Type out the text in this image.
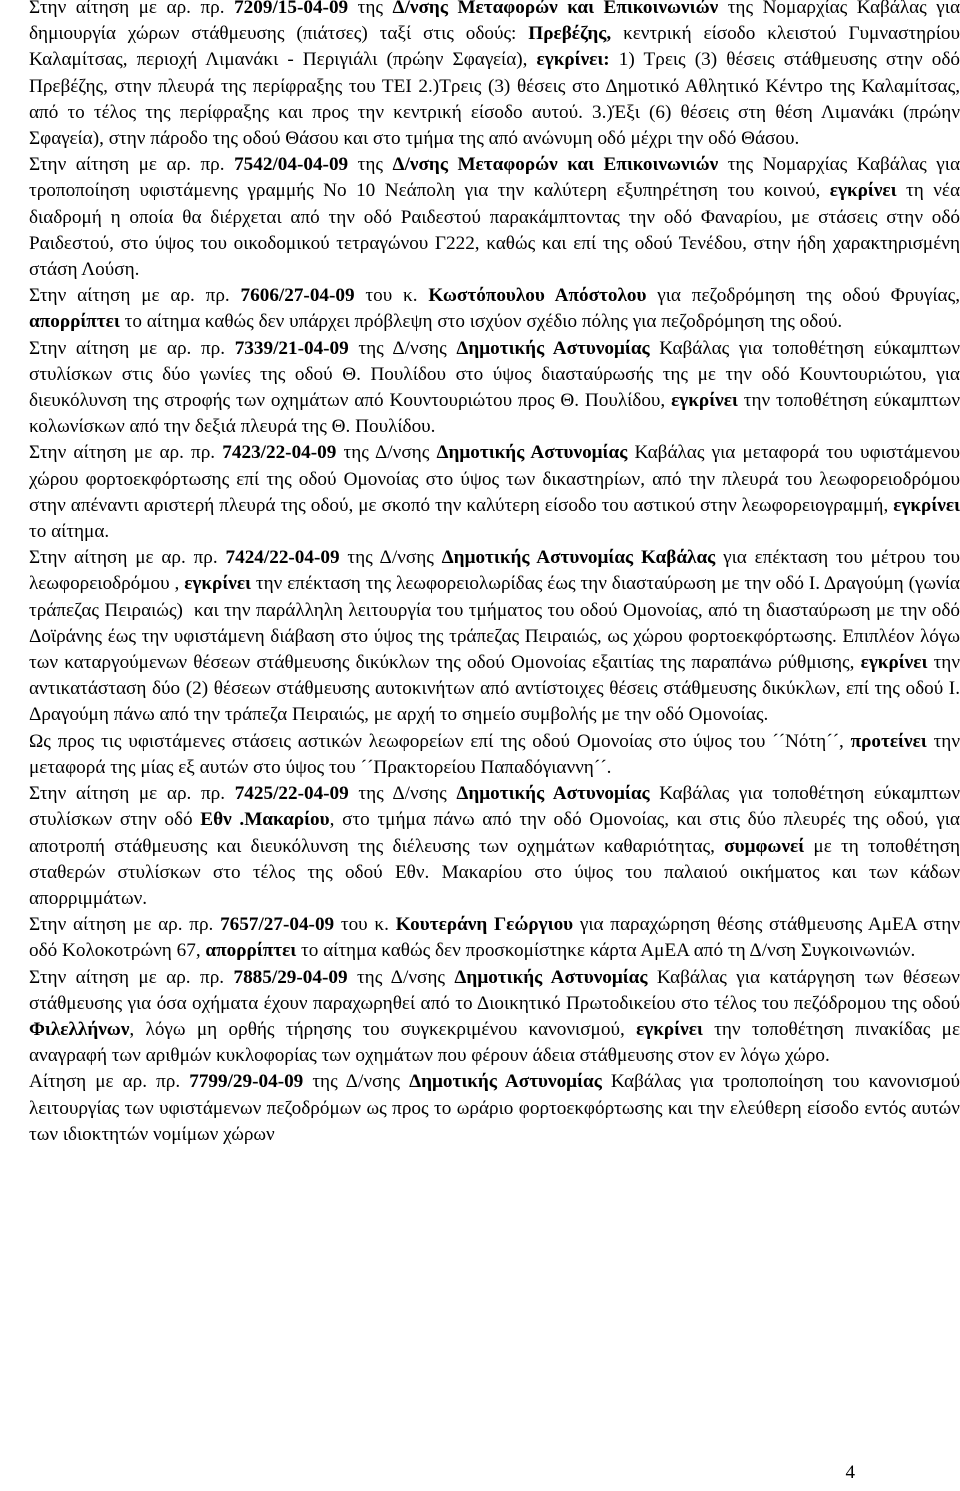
Στην αίτηση με αρ. πρ. 7209/15-04-09 της Δ/νσης Μεταφορών και Επικοινωνιών της Νομαρχίας Καβάλας για δημιουργία χώρων στάθμευσης (πιάτσες) ταξί στις οδούς: Πρεβέζης, κεντρική είσοδο κλειστού Γυμναστηρίου Καλαμίτσας, περιοχή Λιμανάκι - Περιγιάλι (πρώην Σφαγεία), εγκρίνει: 1) Τρεις (3) θέσεις στάθμευσης στην οδό Πρεβέζης, στην πλευρά της περίφραξης του ΤΕΙ 2.)Τρεις (3) θέσεις στο Δημοτικό Αθλητικό Κέντρο της Καλαμίτσας, από το τέλος της περίφραξης και προς την κεντρική είσοδο αυτού. 3.)Έξι (6) θέσεις στη θέση Λιμανάκι (πρώην Σφαγεία), στην πάροδο της οδού Θάσου και στο τμήμα της από ανώνυμη οδό μέχρι την οδό Θάσου.
Στην αίτηση με αρ. πρ. 7542/04-04-09 της Δ/νσης Μεταφορών και Επικοινωνιών της Νομαρχίας Καβάλας για τροποποίηση υφιστάμενης γραμμής Νο 10 Νεάπολη για την καλύτερη εξυπηρέτηση του κοινού, εγκρίνει τη νέα διαδρομή η οποία θα διέρχεται από την οδό Ραιδεστού παρακάμπτοντας την οδό Φαναρίου, με στάσεις στην οδό Ραιδεστού, στο ύψος του οικοδομικού τετραγώνου Γ222, καθώς και επί της οδού Τενέδου, στην ήδη χαρακτηρισμένη στάση Λούση.
Στην αίτηση με αρ. πρ. 7606/27-04-09 του κ. Κωστόπουλου Απόστολου για πεζοδρόμηση της οδού Φρυγίας, απορρίπτει το αίτημα καθώς δεν υπάρχει πρόβλεψη στο ισχύον σχέδιο πόλης για πεζοδρόμηση της οδού.
Στην αίτηση με αρ. πρ. 7339/21-04-09 της Δ/νσης Δημοτικής Αστυνομίας Καβάλας για τοποθέτηση εύκαμπτων στυλίσκων στις δύο γωνίες της οδού Θ. Πουλίδου στο ύψος διασταύρωσής της με την οδό Κουντουριώτου, για διευκόλυνση της στροφής των οχημάτων από Κουντουριώτου προς Θ. Πουλίδου, εγκρίνει την τοποθέτηση εύκαμπτων κολωνίσκων από την δεξιά πλευρά της Θ. Πουλίδου.
Στην αίτηση με αρ. πρ. 7423/22-04-09 της Δ/νσης Δημοτικής Αστυνομίας Καβάλας για μεταφορά του υφιστάμενου χώρου φορτοεκφόρτωσης επί της οδού Ομονοίας στο ύψος των δικαστηρίων, από την πλευρά του λεωφορειοδρόμου στην απέναντι αριστερή πλευρά της οδού, με σκοπό την καλύτερη είσοδο του αστικού στην λεωφορειογραμμή, εγκρίνει το αίτημα.
Στην αίτηση με αρ. πρ. 7424/22-04-09 της Δ/νσης Δημοτικής Αστυνομίας Καβάλας για επέκταση του μέτρου του λεωφορειοδρόμου , εγκρίνει την επέκταση της λεωφορειολωρίδας έως την διασταύρωση με την οδό Ι. Δραγούμη (γωνία τράπεζας Πειραιώς)  και την παράλληλη λειτουργία του τμήματος του οδού Ομονοίας, από τη διασταύρωση με την οδό Δοϊράνης έως την υφιστάμενη διάβαση στο ύψος της τράπεζας Πειραιώς, ως χώρου φορτοεκφόρτωσης. Επιπλέον λόγω των καταργούμενων θέσεων στάθμευσης δικύκλων της οδού Ομονοίας εξαιτίας της παραπάνω ρύθμισης, εγκρίνει την αντικατάσταση δύο (2) θέσεων στάθμευσης αυτοκινήτων από αντίστοιχες θέσεις στάθμευσης δικύκλων, επί της οδού Ι. Δραγούμη πάνω από την τράπεζα Πειραιώς, με αρχή το σημείο συμβολής με την οδό Ομονοίας.
Ως προς τις υφιστάμενες στάσεις αστικών λεωφορείων επί της οδού Ομονοίας στο ύψος του ´´Νότη´´, προτείνει την μεταφορά της μίας εξ αυτών στο ύψος του ´´Πρακτορείου Παπαδόγιαννη´´.
Στην αίτηση με αρ. πρ. 7425/22-04-09 της Δ/νσης Δημοτικής Αστυνομίας Καβάλας για τοποθέτηση εύκαμπτων στυλίσκων στην οδό Εθν .Μακαρίου, στο τμήμα πάνω από την οδό Ομονοίας, και στις δύο πλευρές της οδού, για αποτροπή στάθμευσης και διευκόλυνση της διέλευσης των οχημάτων καθαριότητας, συμφωνεί με τη τοποθέτηση σταθερών στυλίσκων στο τέλος της οδού Εθν. Μακαρίου στο ύψος του παλαιού οικήματος και των κάδων απορριμμάτων.
Στην αίτηση με αρ. πρ. 7657/27-04-09 του κ. Κουτεράνη Γεώργιου για παραχώρηση θέσης στάθμευσης ΑμΕΑ στην οδό Κολοκοτρώνη 67, απορρίπτει το αίτημα καθώς δεν προσκομίστηκε κάρτα ΑμΕΑ από τη Δ/νση Συγκοινωνιών.
Στην αίτηση με αρ. πρ. 7885/29-04-09 της Δ/νσης Δημοτικής Αστυνομίας Καβάλας για κατάργηση των θέσεων στάθμευσης για όσα οχήματα έχουν παραχωρηθεί από το Διοικητικό Πρωτοδικείου στο τέλος του πεζόδρομου της οδού Φιλελλήνων, λόγω μη ορθής τήρησης του συγκεκριμένου κανονισμού, εγκρίνει την τοποθέτηση πινακίδας με αναγραφή των αριθμών κυκλοφορίας των οχημάτων που φέρουν άδεια στάθμευσης στον εν λόγω χώρο.
Αίτηση με αρ. πρ. 7799/29-04-09 της Δ/νσης Δημοτικής Αστυνομίας Καβάλας για τροποποίηση του κανονισμού λειτουργίας των υφιστάμενων πεζοδρόμων ως προς το ωράριο φορτοεκφόρτωσης και την ελεύθερη είσοδο εντός αυτών των ιδιοκτητών νομίμων χώρων
4
